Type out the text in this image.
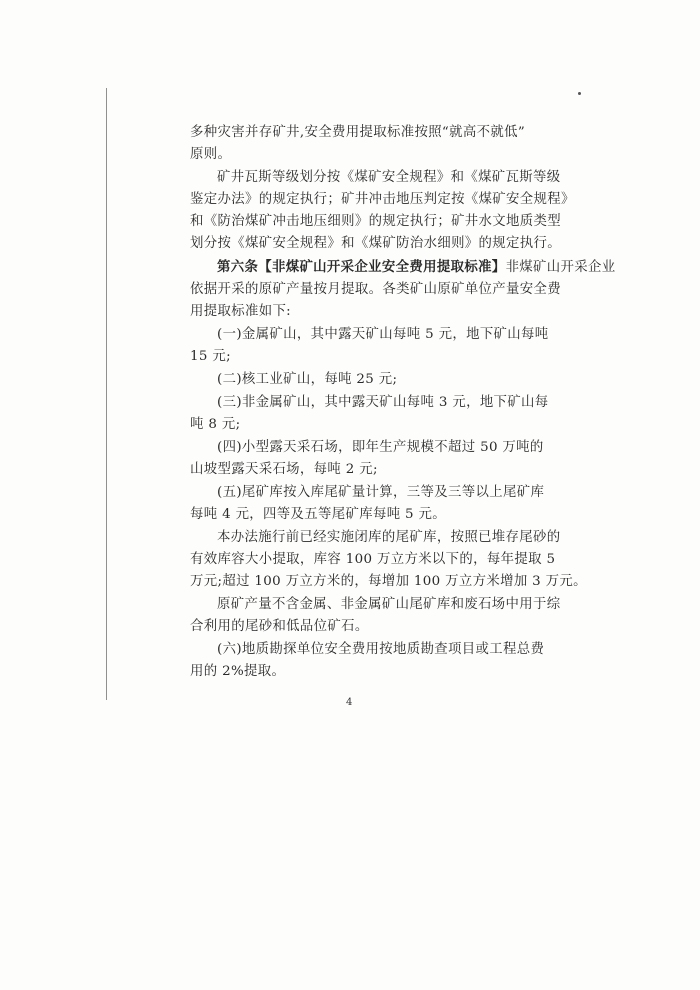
多种灾害并存矿井,安全费用提取标准按照“就高不就低”
原则。
矿井瓦斯等级划分按《煤矿安全规程》和《煤矿瓦斯等级
鉴定办法》的规定执行；矿井冲击地压判定按《煤矿安全规程》
和《防治煤矿冲击地压细则》的规定执行；矿井水文地质类型
划分按《煤矿安全规程》和《煤矿防治水细则》的规定执行。
第六条【非煤矿山开采企业安全费用提取标准】非煤矿山开采企业
依据开采的原矿产量按月提取。各类矿山原矿单位产量安全费
用提取标准如下:
(一)金属矿山，其中露天矿山每吨 5 元，地下矿山每吨
15 元;
(二)核工业矿山，每吨 25 元;
(三)非金属矿山，其中露天矿山每吨 3 元，地下矿山每
吨 8 元;
(四)小型露天采石场，即年生产规模不超过 50 万吨的
山坡型露天采石场，每吨 2 元;
(五)尾矿库按入库尾矿量计算，三等及三等以上尾矿库
每吨 4 元，四等及五等尾矿库每吨 5 元。
本办法施行前已经实施闭库的尾矿库，按照已堆存尾砂的
有效库容大小提取，库容 100 万立方米以下的，每年提取 5
万元;超过 100 万立方米的，每增加 100 万立方米增加 3 万元。
原矿产量不含金属、非金属矿山尾矿库和废石场中用于综
合利用的尾砂和低品位矿石。
(六)地质勘探单位安全费用按地质勘查项目或工程总费
用的 2%提取。
4
